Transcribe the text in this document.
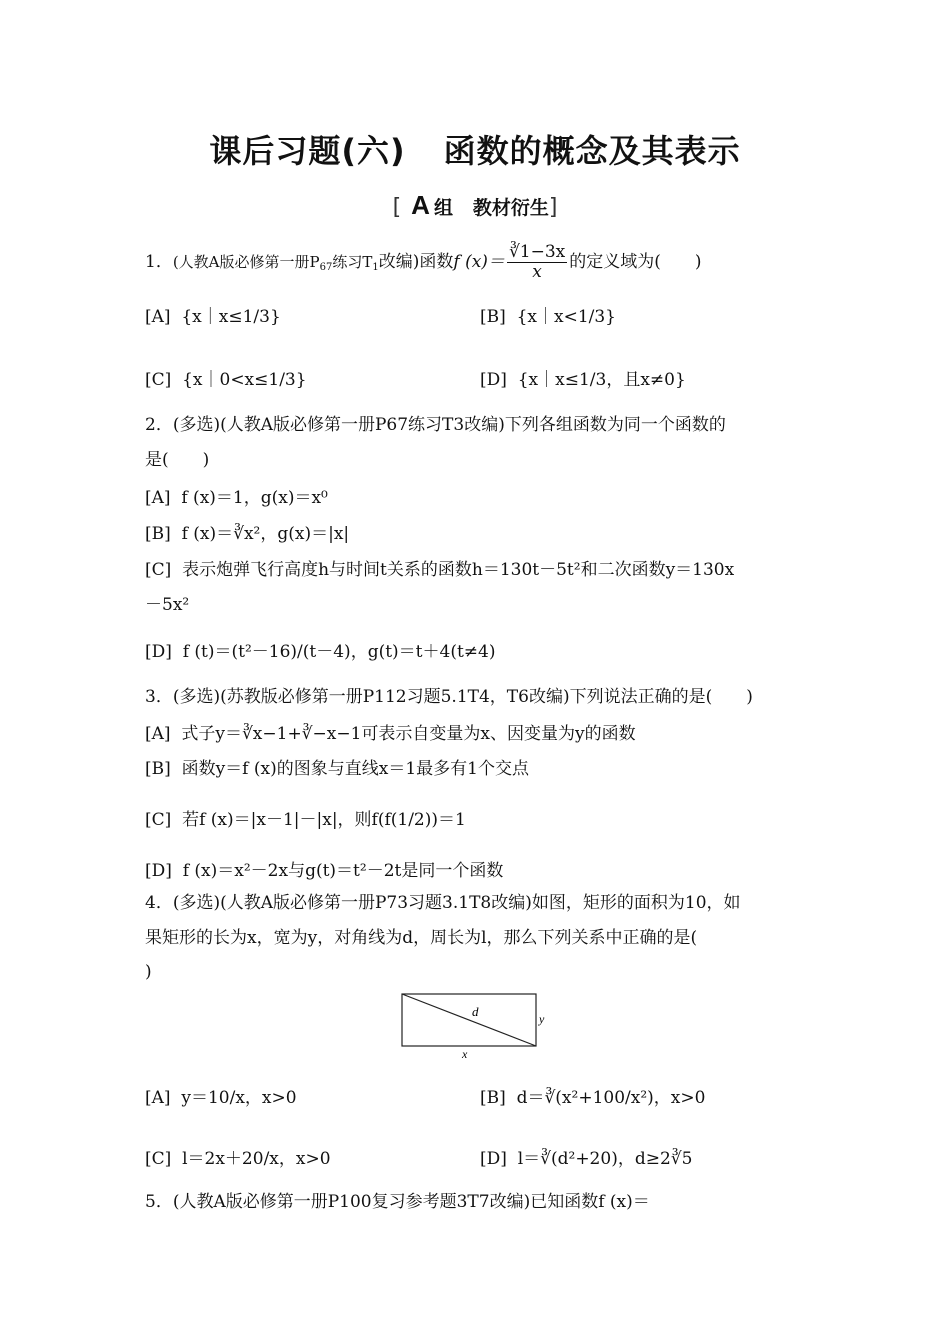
课后习题(六) 函数的概念及其表示
[ A 组 教材衍生]
1．(人教A版必修第一册$P_{67}$练习$T_1$改编)函数f $(x)= \frac{∛1-3x}{x}$ 的定义域为(　　)
[A] {x｜x≤1/3}	[B] {x｜x<1/3}
[C] {x｜0<x≤1/3}	[D] {x｜x≤1/3，且x≠0}
2．(多选)(人教A版必修第一册P67练习T3改编)下列各组函数为同一个函数的
是(　　)
[A] f (x)＝1，g(x)＝x⁰
[B] f (x)＝∛x²，g(x)＝|x|
[C] 表示炮弹飞行高度h与时间t关系的函数h＝130t－5t²和二次函数y＝130x
－5x²
[D] f (t)＝(t²－16)/(t－4)，g(t)＝t＋4(t≠4)
3．(多选)(苏教版必修第一册P112习题5.1T4，T6改编)下列说法正确的是(　　)
[A] 式子y＝∛x−1+∛−x−1可表示自变量为x、因变量为y的函数
[B] 函数y＝f (x)的图象与直线x＝1最多有1个交点
[C] 若f (x)＝|x－1|－|x|，则f(f(1/2))＝1
[D] f (x)＝x²－2x与g(t)＝t²－2t是同一个函数
4．(多选)(人教A版必修第一册P73习题3.1T8改编)如图，矩形的面积为10，如
果矩形的长为x，宽为y，对角线为d，周长为l，那么下列关系中正确的是(
)
d
x
y
[A] y＝10/x，x>0	[B] d＝∛(x²+100/x²)，x>0
[C] l＝2x＋20/x，x>0	[D] l＝∛(d²+20)，d≥2∛5
5．(人教A版必修第一册P100复习参考题3T7改编)已知函数f (x)＝
